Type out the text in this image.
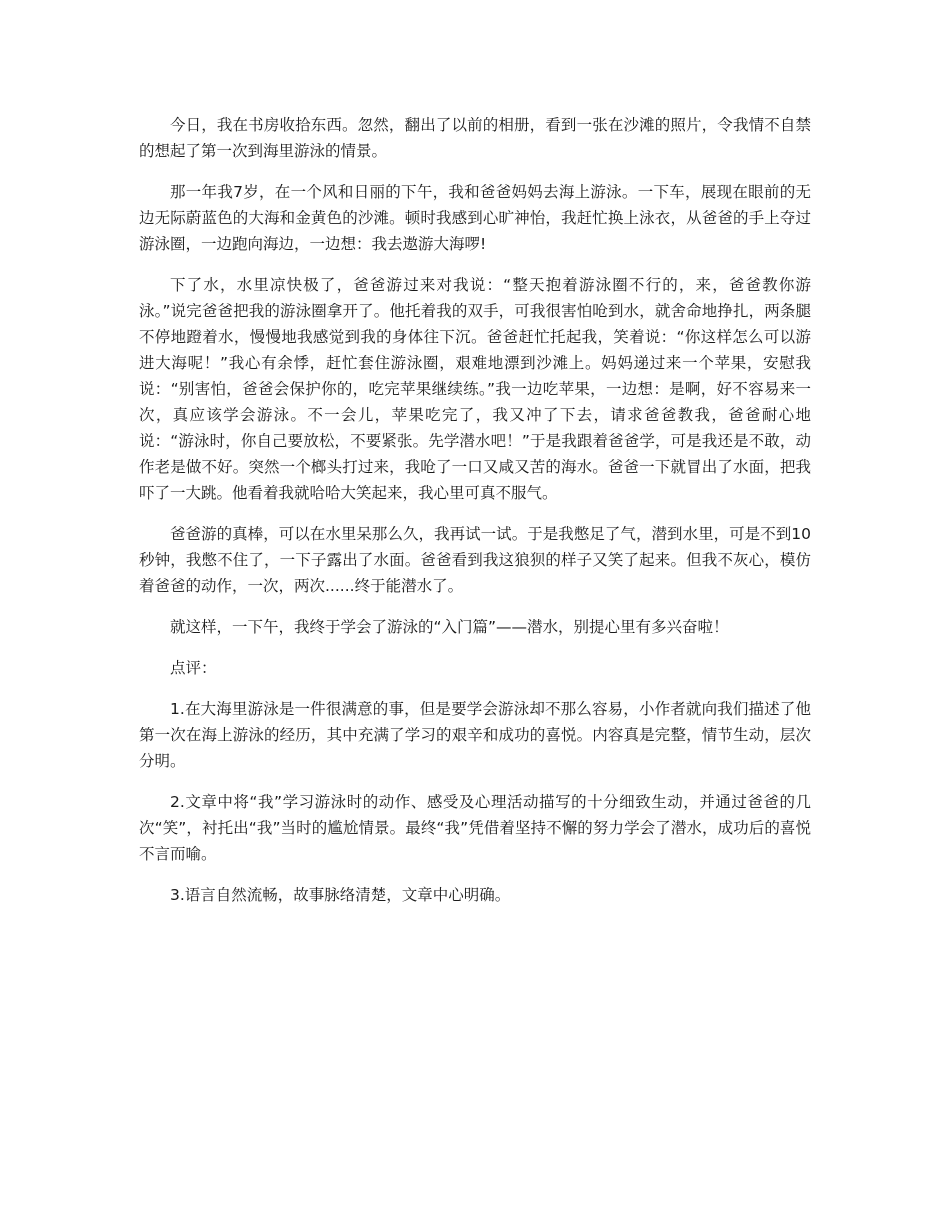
今日，我在书房收拾东西。忽然，翻出了以前的相册，看到一张在沙滩的照片，令我情不自禁的想起了第一次到海里游泳的情景。

那一年我7岁，在一个风和日丽的下午，我和爸爸妈妈去海上游泳。一下车，展现在眼前的无边无际蔚蓝色的大海和金黄色的沙滩。顿时我感到心旷神怡，我赶忙换上泳衣，从爸爸的手上夺过游泳圈，一边跑向海边，一边想：我去遨游大海啰!

下了水，水里凉快极了，爸爸游过来对我说：“整天抱着游泳圈不行的，来，爸爸教你游泳。”说完爸爸把我的游泳圈拿开了。他托着我的双手，可我很害怕呛到水，就舍命地挣扎，两条腿不停地蹬着水，慢慢地我感觉到我的身体往下沉。爸爸赶忙托起我，笑着说：“你这样怎么可以游进大海呢！”我心有余悸，赶忙套住游泳圈，艰难地漂到沙滩上。妈妈递过来一个苹果，安慰我说：“别害怕，爸爸会保护你的，吃完苹果继续练。”我一边吃苹果，一边想：是啊，好不容易来一次，真应该学会游泳。不一会儿，苹果吃完了，我又冲了下去，请求爸爸教我，爸爸耐心地说：“游泳时，你自己要放松，不要紧张。先学潜水吧！”于是我跟着爸爸学，可是我还是不敢，动作老是做不好。突然一个榔头打过来，我呛了一口又咸又苦的海水。爸爸一下就冒出了水面，把我吓了一大跳。他看着我就哈哈大笑起来，我心里可真不服气。

爸爸游的真棒，可以在水里呆那么久，我再试一试。于是我憋足了气，潜到水里，可是不到10秒钟，我憋不住了，一下子露出了水面。爸爸看到我这狼狈的样子又笑了起来。但我不灰心，模仿着爸爸的动作，一次，两次......终于能潜水了。

就这样，一下午，我终于学会了游泳的“入门篇”——潜水，别提心里有多兴奋啦！

点评：

1.在大海里游泳是一件很满意的事，但是要学会游泳却不那么容易，小作者就向我们描述了他第一次在海上游泳的经历，其中充满了学习的艰辛和成功的喜悦。内容真是完整，情节生动，层次分明。

2.文章中将“我”学习游泳时的动作、感受及心理活动描写的十分细致生动，并通过爸爸的几次“笑”，衬托出“我”当时的尴尬情景。最终“我”凭借着坚持不懈的努力学会了潜水，成功后的喜悦不言而喻。

3.语言自然流畅，故事脉络清楚，文章中心明确。
